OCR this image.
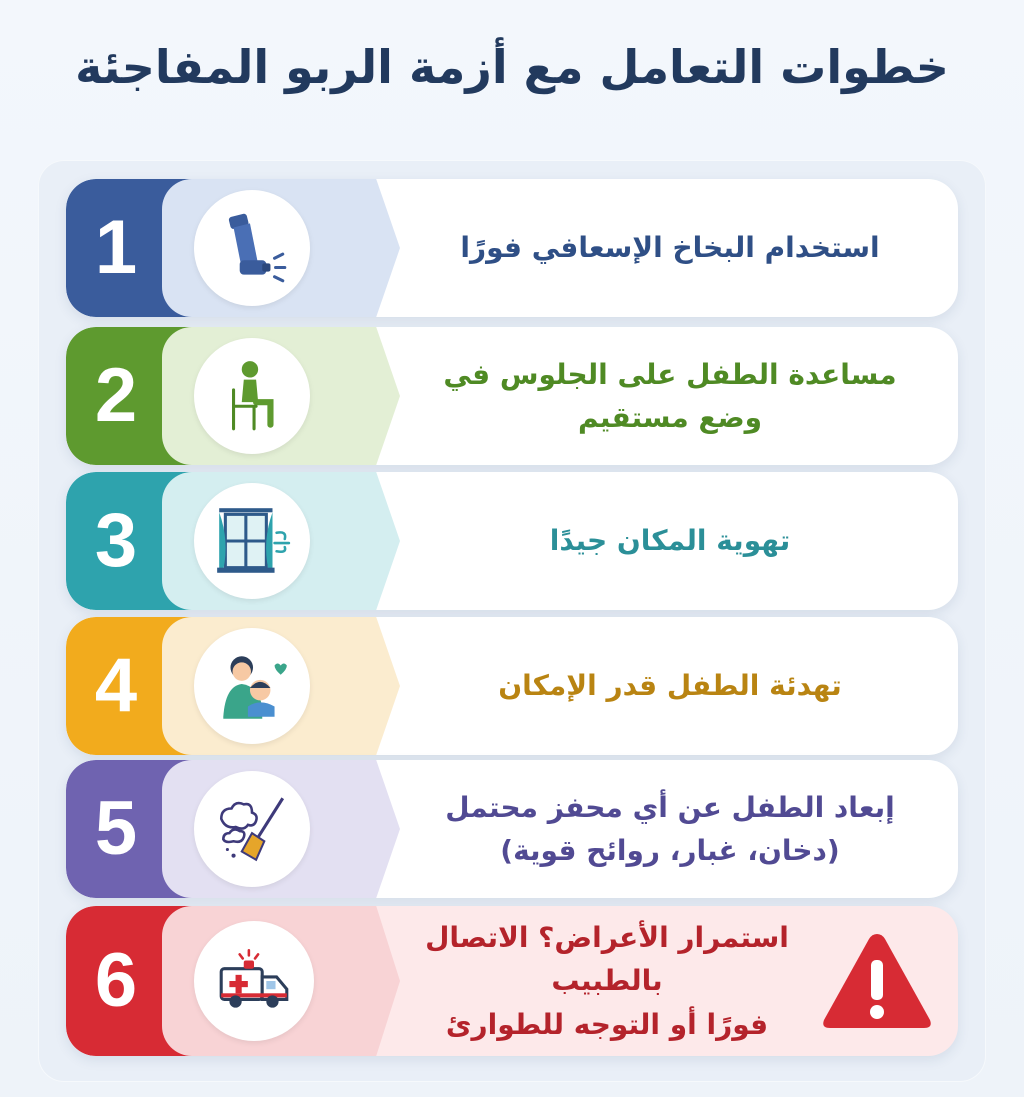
خطوات التعامل مع أزمة الربو المفاجئة
1	استخدام البخاخ الإسعافي فورًا
2	مساعدة الطفل على الجلوس في
وضع مستقيم
3	تهوية المكان جيدًا
4	تهدئة الطفل قدر الإمكان
5	إبعاد الطفل عن أي محفز محتمل
(دخان، غبار، روائح قوية)
6
استمرار الأعراض؟ الاتصال بالطبيب
فورًا أو التوجه للطوارئ
